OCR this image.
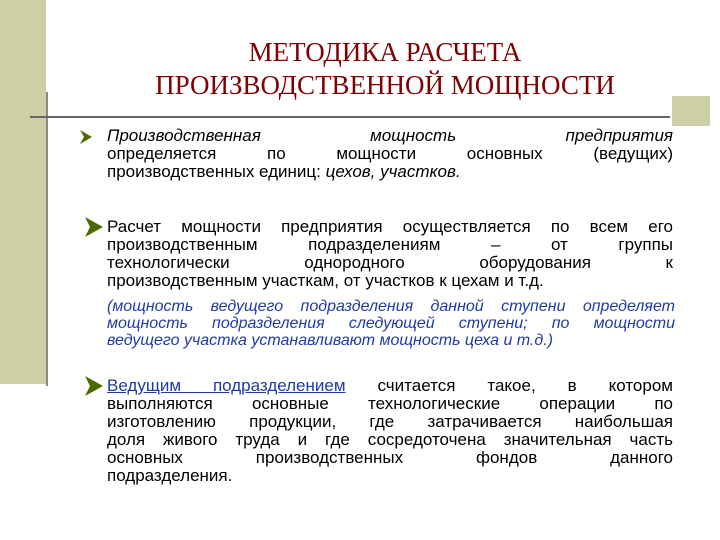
МЕТОДИКА РАСЧЕТА
ПРОИЗВОДСТВЕННОЙ МОЩНОСТИ
Производственная мощность предприятия
определяется по мощности основных (ведущих)
производственных единиц: цехов, участков.
Расчет мощности предприятия осуществляется по всем его
производственным подразделениям – от группы
технологически однородного оборудования к
производственным участкам, от участков к цехам и т.д.
(мощность ведущего подразделения данной ступени определяет
мощность подразделения следующей ступени; по мощности
ведущего участка устанавливают мощность цеха и т.д.)
Ведущим подразделением считается такое, в котором
выполняются основные технологические операции по
изготовлению продукции, где затрачивается наибольшая
доля живого труда и где сосредоточена значительная часть
основных производственных фондов данного
подразделения.
